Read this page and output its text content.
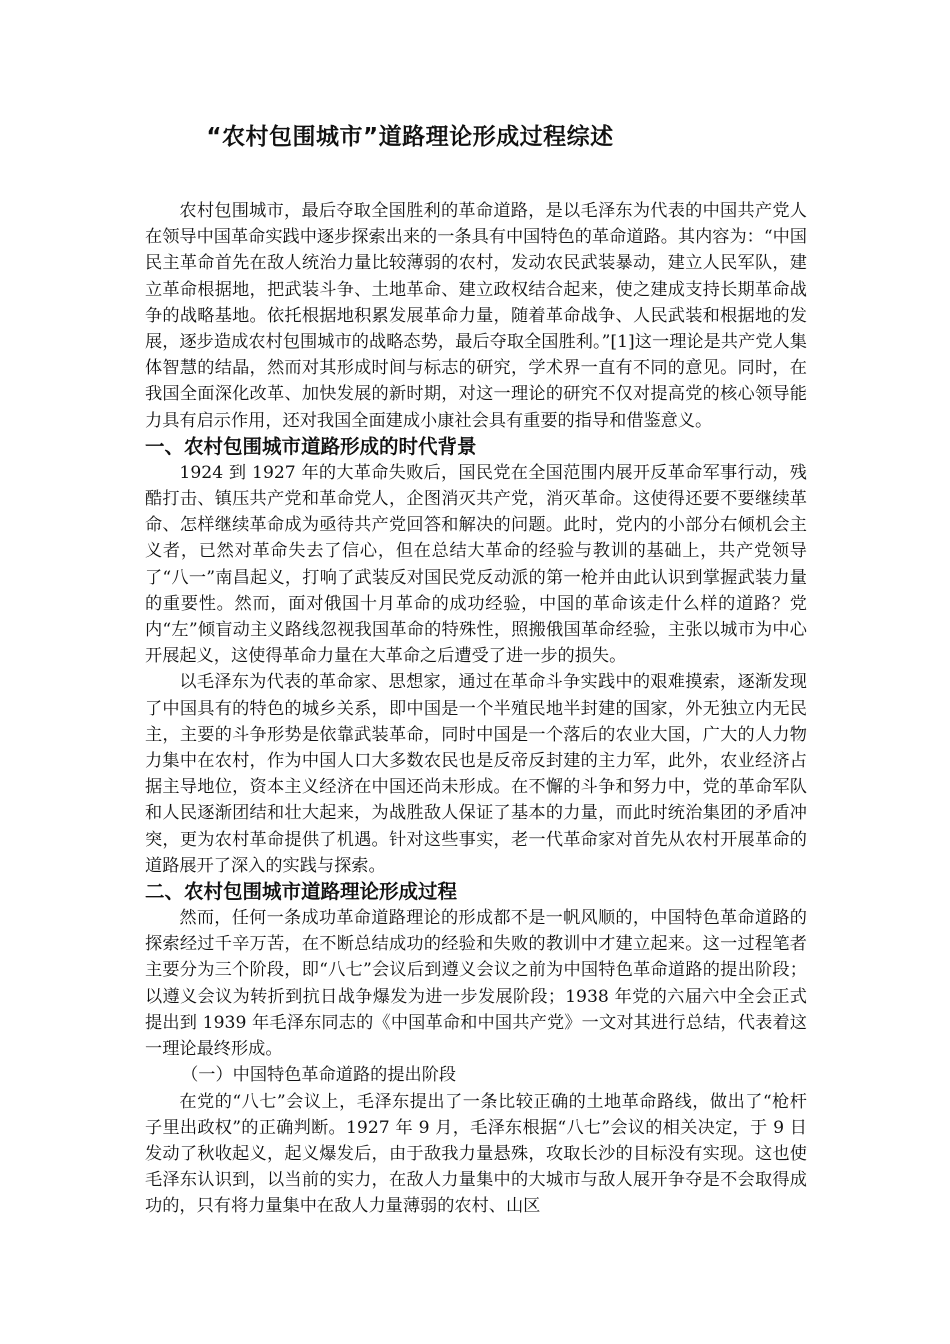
“农村包围城市”道路理论形成过程综述

农村包围城市，最后夺取全国胜利的革命道路，是以毛泽东为代表的中国共产党人在领导中国革命实践中逐步探索出来的一条具有中国特色的革命道路。其内容为：“中国民主革命首先在敌人统治力量比较薄弱的农村，发动农民武装暴动，建立人民军队，建立革命根据地，把武装斗争、土地革命、建立政权结合起来，使之建成支持长期革命战争的战略基地。依托根据地积累发展革命力量，随着革命战争、人民武装和根据地的发展，逐步造成农村包围城市的战略态势，最后夺取全国胜利。”[1]这一理论是共产党人集体智慧的结晶，然而对其形成时间与标志的研究，学术界一直有不同的意见。同时，在我国全面深化改革、加快发展的新时期，对这一理论的研究不仅对提高党的核心领导能力具有启示作用，还对我国全面建成小康社会具有重要的指导和借鉴意义。

一、农村包围城市道路形成的时代背景

1924 到 1927 年的大革命失败后，国民党在全国范围内展开反革命军事行动，残酷打击、镇压共产党和革命党人，企图消灭共产党，消灭革命。这使得还要不要继续革命、怎样继续革命成为亟待共产党回答和解决的问题。此时，党内的小部分右倾机会主义者，已然对革命失去了信心，但在总结大革命的经验与教训的基础上，共产党领导了“八一”南昌起义，打响了武装反对国民党反动派的第一枪并由此认识到掌握武装力量的重要性。然而，面对俄国十月革命的成功经验，中国的革命该走什么样的道路？党内“左”倾盲动主义路线忽视我国革命的特殊性，照搬俄国革命经验，主张以城市为中心开展起义，这使得革命力量在大革命之后遭受了进一步的损失。

以毛泽东为代表的革命家、思想家，通过在革命斗争实践中的艰难摸索，逐渐发现了中国具有的特色的城乡关系，即中国是一个半殖民地半封建的国家，外无独立内无民主，主要的斗争形势是依靠武装革命，同时中国是一个落后的农业大国，广大的人力物力集中在农村，作为中国人口大多数农民也是反帝反封建的主力军，此外，农业经济占据主导地位，资本主义经济在中国还尚未形成。在不懈的斗争和努力中，党的革命军队和人民逐渐团结和壮大起来，为战胜敌人保证了基本的力量，而此时统治集团的矛盾冲突，更为农村革命提供了机遇。针对这些事实，老一代革命家对首先从农村开展革命的道路展开了深入的实践与探索。

二、农村包围城市道路理论形成过程

然而，任何一条成功革命道路理论的形成都不是一帆风顺的，中国特色革命道路的探索经过千辛万苦，在不断总结成功的经验和失败的教训中才建立起来。这一过程笔者主要分为三个阶段，即“八七”会议后到遵义会议之前为中国特色革命道路的提出阶段；以遵义会议为转折到抗日战争爆发为进一步发展阶段；1938 年党的六届六中全会正式提出到 1939 年毛泽东同志的《中国革命和中国共产党》一文对其进行总结，代表着这一理论最终形成。

（一）中国特色革命道路的提出阶段

在党的“八七”会议上，毛泽东提出了一条比较正确的土地革命路线，做出了“枪杆子里出政权”的正确判断。1927 年 9 月，毛泽东根据“八七”会议的相关决定，于 9 日发动了秋收起义，起义爆发后，由于敌我力量悬殊，攻取长沙的目标没有实现。这也使毛泽东认识到，以当前的实力，在敌人力量集中的大城市与敌人展开争夺是不会取得成功的，只有将力量集中在敌人力量薄弱的农村、山区
